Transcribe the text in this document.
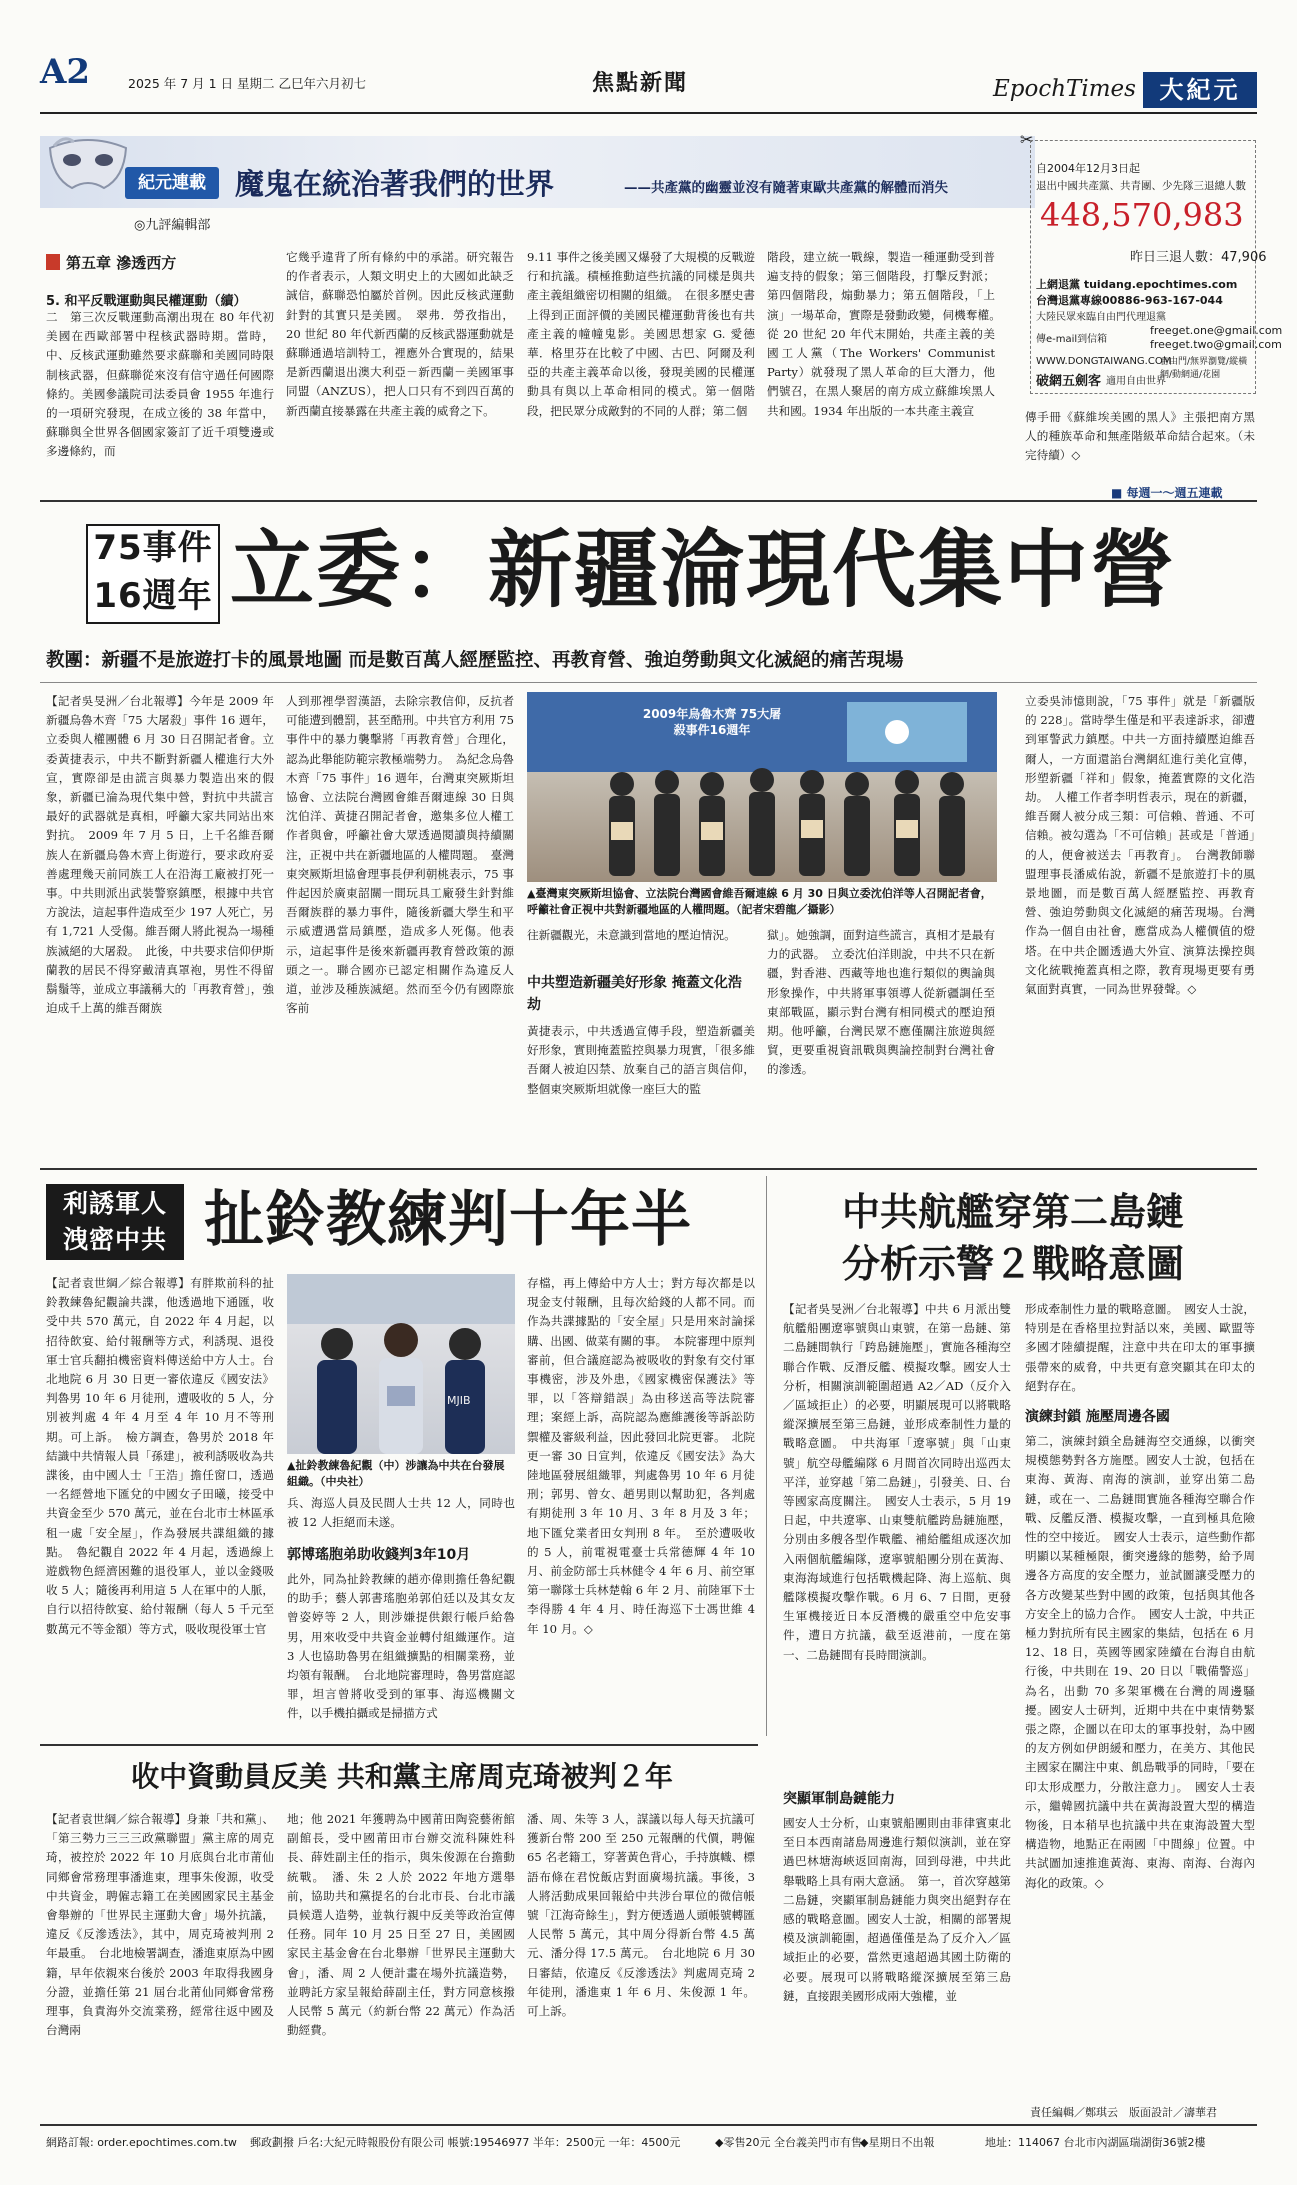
A2	2025 年 7 月 1 日 星期二 乙巳年六月初七	焦點新聞	EpochTimes 大紀元
紀元連載	魔鬼在統治著我們的世界	——共產黨的幽靈並沒有隨著東歐共產黨的解體而消失
◎九評編輯部
第五章 滲透西方
5. 和平反戰運動與民權運動（續）
二　第三次反戰運動高潮出現在 80 年代初美國在西歐部署中程核武器時期。當時，中、反核武運動雖然要求蘇聯和美國同時限制核武器，但蘇聯從來沒有信守過任何國際條約。美國參議院司法委員會 1955 年進行的一項研究發現，在成立後的 38 年當中，蘇聯與全世界各個國家簽訂了近千項雙邊或多邊條約，而
它幾乎違背了所有條約中的承諾。研究報告的作者表示，人類文明史上的大國如此缺乏誠信，蘇聯恐怕屬於首例。因此反核武運動針對的其實只是美國。　翠弗．勞孜指出，20 世紀 80 年代新西蘭的反核武器運動就是蘇聯通過培訓特工，裡應外合實現的，結果是新西蘭退出澳大利亞－新西蘭－美國軍事同盟（ANZUS），把人口只有不到四百萬的新西蘭直接暴露在共產主義的威脅之下。
9.11 事件之後美國又爆發了大規模的反戰遊行和抗議。積極推動這些抗議的同樣是與共產主義組織密切相關的組織。　在很多歷史書上得到正面評價的美國民權運動背後也有共產主義的幢幢鬼影。美國思想家 G. 愛德華．格里芬在比較了中國、古巴、阿爾及利亞的共產主義革命以後，發現美國的民權運動具有與以上革命相同的模式。第一個階段，把民眾分成敵對的不同的人群；第二個
階段，建立統一戰線，製造一種運動受到普遍支持的假象；第三個階段，打擊反對派；第四個階段，煽動暴力；第五個階段，「上演」一場革命，實際是發動政變，伺機奪權。　從 20 世紀 20 年代末開始，共產主義的美國工人黨（The Workers' Communist Party）就發現了黑人革命的巨大潛力，他們號召，在黑人聚居的南方成立蘇維埃黑人共和國。1934 年出版的一本共產主義宣	傳手冊《蘇維埃美國的黑人》主張把南方黑人的種族革命和無產階級革命結合起來。（未完待續）◇
■ 每週一～週五連載
✂
自2004年12月3日起
退出中國共產黨、共青團、少先隊三退總人數
448,570,983
昨日三退人數：47,906
上網退黨 tuidang.epochtimes.com
台灣退黨專線00886-963-167-044
大陸民眾來臨自由門代理退黨
傳e-mail到信箱
freeget.one@gmail.com
freeget.two@gmail.com
WWW.DONGTAIWANG.COM
破網五劍客 適用自由世界
自由門/無界瀏覽/縱橫網/動網通/花園
75事件
16週年 立委：新疆淪現代集中營
教團：新疆不是旅遊打卡的風景地圖 而是數百萬人經歷監控、再教育營、強迫勞動與文化滅絕的痛苦現場
【記者吳旻洲／台北報導】今年是 2009 年新疆烏魯木齊「75 大屠殺」事件 16 週年，立委與人權團體 6 月 30 日召開記者會。立委黃捷表示，中共不斷對新疆人權進行大外宣，實際卻是由謊言與暴力製造出來的假象，新疆已淪為現代集中營，對抗中共謊言最好的武器就是真相，呼籲大家共同站出來對抗。　2009 年 7 月 5 日，上千名維吾爾族人在新疆烏魯木齊上街遊行，要求政府妥善處理幾天前同族工人在沿海工廠被打死一事。中共則派出武裝警察鎮壓，根據中共官方說法，這起事件造成至少 197 人死亡，另有 1,721 人受傷。維吾爾人將此視為一場種族滅絕的大屠殺。　此後，中共要求信仰伊斯蘭教的居民不得穿戴清真罩袍，男性不得留鬍鬚等，並成立事議稱大的「再教育營」，強迫成千上萬的維吾爾族
人到那裡學習漢語，去除宗教信仰，反抗者可能遭到體罰，甚至酷刑。中共官方利用 75 事件中的暴力襲擊將「再教育營」合理化，認為此舉能防範宗教極端勢力。　為紀念烏魯木齊「75 事件」16 週年，台灣東突厥斯坦協會、立法院台灣國會維吾爾連線 30 日與沈伯洋、黃捷召開記者會，邀集多位人權工作者與會，呼籲社會大眾透過閱讀與持續關注，正視中共在新疆地區的人權問題。　臺灣東突厥斯坦協會理事長伊利朝桃表示，75 事件起因於廣東韶關一間玩具工廠發生針對維吾爾族群的暴力事件，隨後新疆大學生和平示威遭遇當局鎮壓，造成多人死傷。他表示，這起事件是後來新疆再教育營政策的源頭之一。聯合國亦已認定相關作為違反人道，並涉及種族滅絕。然而至今仍有國際旅客前
2009年烏魯木齊 75大屠殺事件16週年
▲臺灣東突厥斯坦協會、立法院台灣國會維吾爾連線 6 月 30 日與立委沈伯洋等人召開記者會，呼籲社會正視中共對新疆地區的人權問題。（記者宋碧龍／攝影）
往新疆觀光，未意識到當地的壓迫情況。
中共塑造新疆美好形象 掩蓋文化浩劫
黃捷表示，中共透過宣傳手段，塑造新疆美好形象，實則掩蓋監控與暴力現實，「很多維吾爾人被迫囚禁、放棄自己的語言與信仰，整個東突厥斯坦就像一座巨大的監
獄」。她強調，面對這些謊言，真相才是最有力的武器。　立委沈伯洋則說，中共不只在新疆，對香港、西藏等地也進行類似的輿論與形象操作，中共將軍事領導人從新疆調任至東部戰區，顯示對台灣有相同模式的壓迫預期。他呼籲，台灣民眾不應僅關注旅遊與經貿，更要重視資訊戰與輿論控制對台灣社會的滲透。
立委吳沛憶則說，「75 事件」就是「新疆版的 228」。當時學生僅是和平表達訴求，卻遭到軍警武力鎮壓。中共一方面持續壓迫維吾爾人，一方面還諂台灣網紅進行美化宣傳，形塑新疆「祥和」假象，掩蓋實際的文化浩劫。　人權工作者李明哲表示，現在的新疆，維吾爾人被分成三類：可信賴、普通、不可信賴。被勾選為「不可信賴」甚或是「普通」的人，便會被送去「再教育」。　台灣教師聯盟理事長潘威佑說，新疆不是旅遊打卡的風景地圖，而是數百萬人經歷監控、再教育營、強迫勞動與文化滅絕的痛苦現場。台灣作為一個自由社會，應當成為人權價值的燈塔。在中共企圖透過大外宣、演算法操控與文化統戰掩蓋真相之際，教育現場更要有勇氣面對真實，一同為世界發聲。◇
利誘軍人
洩密中共 扯鈴教練判十年半
【記者袁世綱／綜合報導】有胖欺前科的扯鈴教練魯紀觀論共諜，他透過地下通匯，收受中共 570 萬元，自 2022 年 4 月起，以招待飲宴、給付報酬等方式，利誘現、退役軍士官兵翻拍機密資料傳送給中方人士。台北地院 6 月 30 日更一審依違反《國安法》判魯男 10 年 6 月徒刑，遭吸收的 5 人，分別被判處 4 年 4 月至 4 年 10 月不等刑期。可上訴。　檢方調查，魯男於 2018 年結識中共情報人員「孫建」，被利誘吸收為共諜後，由中國人士「王浩」擔任窗口，透過一名經營地下匯兌的中國女子田曦，接受中共資金至少 570 萬元，並在台北市士林區承租一處「安全屋」，作為發展共諜組織的據點。　魯紀觀自 2022 年 4 月起，透過線上遊戲物色經濟困難的退役軍人，並以金錢吸收 5 人；隨後再利用這 5 人在軍中的人脈，自行以招待飲宴、給付報酬（每人 5 千元至數萬元不等金額）等方式，吸收現役軍士官
MJIB
▲扯鈴教練魯紀觀（中）涉讓為中共在台發展組織。（中央社）
兵、海巡人員及民間人士共 12 人，同時也被 12 人拒絕而未遂。
郭博瑤胞弟助收錢判3年10月
此外，同為扯鈴教練的趙亦偉則擔任魯紀觀的助手；藝人郭書瑤胞弟郭伯廷以及其女友曾姿婷等 2 人，則涉嫌提供銀行帳戶給魯男，用來收受中共資金並轉付組織運作。這 3 人也協助魯男在組織擴點的相關業務，並均領有報酬。　台北地院審理時，魯男當庭認罪，坦言曾將收受到的軍事、海巡機關文件，以手機拍攝或是掃描方式
存檔，再上傳給中方人士；對方每次都是以現金支付報酬，且每次給錢的人都不同。而作為共諜據點的「安全屋」只是用來討論採購、出國、做菜有關的事。　本院審理中原判審前，但合議庭認為被吸收的對象有交付軍事機密，涉及外患，《國家機密保護法》等罪，以「答辯錯誤」為由移送高等法院審理；案經上訴，高院認為應維護後等訴訟防禦權及審級利益，因此發回北院更審。　北院更一審 30 日宣判，依違反《國安法》為大陸地區發展組織罪，判處魯男 10 年 6 月徒刑；郭男、曾女、趙男則以幫助犯，各判處有期徒刑 3 年 10 月、3 年 8 月及 3 年；地下匯兌業者田女判刑 8 年。　至於遭吸收的 5 人，前電視電臺士兵常德輝 4 年 10 月、前金防部士兵林健令 4 年 6 月、前空軍第一聯隊士兵林楚翰 6 年 2 月、前陸軍下士李得勝 4 年 4 月、時任海巡下士馮世維 4 年 10 月。◇
中共航艦穿第二島鏈
分析示警２戰略意圖
【記者吳旻洲／台北報導】中共 6 月派出雙航艦船團遼寧號與山東號，在第一島鏈、第二島鏈間執行「跨島鏈施壓」，實施各種海空聯合作戰、反潛反艦、模擬攻擊。國安人士分析，相關演訓範圍超過 A2／AD（反介入／區域拒止）的必要，明顯展現可以將戰略縱深擴展至第三島鏈，並形成牽制性力量的戰略意圖。　中共海軍「遼寧號」與「山東號」航空母艦編隊 6 月間首次同時出巡西太平洋，並穿越「第二島鏈」，引發美、日、台等國家高度關注。　國安人士表示，5 月 19 日起，中共遼寧、山東雙航艦跨島鏈施壓，分別由多艘各型作戰艦、補給艦組成逐次加入兩個航艦編隊，遼寧號船團分別在黃海、東海海域進行包括戰機起降、海上巡航、與艦隊模擬攻擊作戰。6 月 6、7 日間，更發生軍機接近日本反潛機的嚴重空中危安事件，遭日方抗議，截至返港前，一度在第一、二島鏈間有長時間演訓。
突顯軍制島鏈能力
國安人士分析，山東號船團則由菲律賓東北至日本西南諸島周邊進行類似演訓，並在穿過巴林塘海峽返回南海，回到母港，中共此舉戰略上具有兩大意涵。　第一，首次穿越第二島鏈，突顯軍制島鏈能力與突出絕對存在感的戰略意圖。國安人士說，相關的部署規模及演訓範圍，超過僅僅是為了反介入／區域拒止的必要，當然更遠超過其國土防衛的必要。展現可以將戰略縱深擴展至第三島鏈，直接跟美國形成兩大強權，並
形成牽制性力量的戰略意圖。　國安人士說，特別是在香格里拉對話以來，美國、歐盟等多國才陸續提醒，注意中共在印太的軍事擴張帶來的威脅，中共更有意突顯其在印太的絕對存在。
演練封鎖 施壓周邊各國
第二，演練封鎖全島鏈海空交通線，以衝突規模態勢對各方施壓。國安人士說，包括在東海、黃海、南海的演訓，並穿出第二島鏈，或在一、二島鏈間實施各種海空聯合作戰、反艦反潛、模擬攻擊，一直到極具危險性的空中接近。　國安人士表示，這些動作都明顯以某種極限，衝突邊緣的態勢，給予周邊各方高度的安全壓力，並試圖讓受壓力的各方改變某些對中國的政策，包括與其他各方安全上的協力合作。　國安人士說，中共正極力對抗所有民主國家的集結，包括在 6 月 12、18 日，英國等國家陸續在台海自由航行後，中共則在 19、20 日以「戰備警巡」為名，出動 70 多架軍機在台灣的周邊騷擾。國安人士研判，近期中共在中東情勢緊張之際，企圖以在印太的軍事投射，為中國的友方例如伊朗緩和壓力，在美方、其他民主國家在關注中東、飢島戰爭的同時，「要在印太形成壓力，分散注意力」。　國安人士表示，繼韓國抗議中共在黃海設置大型的構造物後，日本稍早也抗議中共在東海設置大型構造物，地點正在兩國「中間線」位置。中共試圖加速推進黃海、東海、南海、台海內海化的政策。◇
收中資動員反美 共和黨主席周克琦被判２年
【記者袁世綱／綜合報導】身兼「共和黨」、「第三勢力三三三政黨聯盟」黨主席的周克琦，被控於 2022 年 10 月底與台北市莆仙同鄉會常務理事潘進東，理事朱俊源，收受中共資金，聘僱志籍工在美國國家民主基金會舉辦的「世界民主運動大會」場外抗議，違反《反滲透法》，其中，周克琦被判刑 2 年最重。　台北地檢署調查，潘進東原為中國籍，早年依親來台後於 2003 年取得我國身分證，並擔任第 21 屆台北莆仙同鄉會常務理事，負責海外交流業務，經常往返中國及台灣兩
地；他 2021 年獲聘為中國莆田陶瓷藝術館副館長，受中國莆田市台辦交流科陳姓科長、薛姓副主任的指示，與朱俊源在台擔動統戰。　潘、朱 2 人於 2022 年地方選舉前，協助共和黨提名的台北市長、台北市議員候選人造勢，並執行親中反美等政治宣傳任務。同年 10 月 25 日至 27 日，美國國家民主基金會在台北舉辦「世界民主運動大會」，潘、周 2 人便計畫在場外抗議造勢，並聘託方家呈報給薛副主任，對方同意核撥人民幣 5 萬元（約新台幣 22 萬元）作為活動經費。
潘、周、朱等 3 人，謀議以每人每天抗議可獲新台幣 200 至 250 元報酬的代價，聘僱 65 名老籍工，穿著黃色背心，手持旗幟、標語布條在君悅飯店對面廣場抗議。事後，3 人將活動成果回報給中共涉台單位的微信帳號「江海奇餘生」，對方便透過人頭帳號轉匯人民幣 5 萬元，其中周分得新台幣 4.5 萬元、潘分得 17.5 萬元。　台北地院 6 月 30 日審結，依違反《反滲透法》判處周克琦 2 年徒刑，潘進東 1 年 6 月、朱俊源 1 年。可上訴。
責任編輯／鄭琪云　版面設計／濤華君
網路訂報: order.epochtimes.com.tw 郵政劃撥 戶名:大紀元時報股份有限公司 帳號:19546977 半年：2500元 一年：4500元	◆零售20元 全台義美門市有售
◆星期日不出報	地址：114067 台北市內湖區瑞湖街36號2樓
